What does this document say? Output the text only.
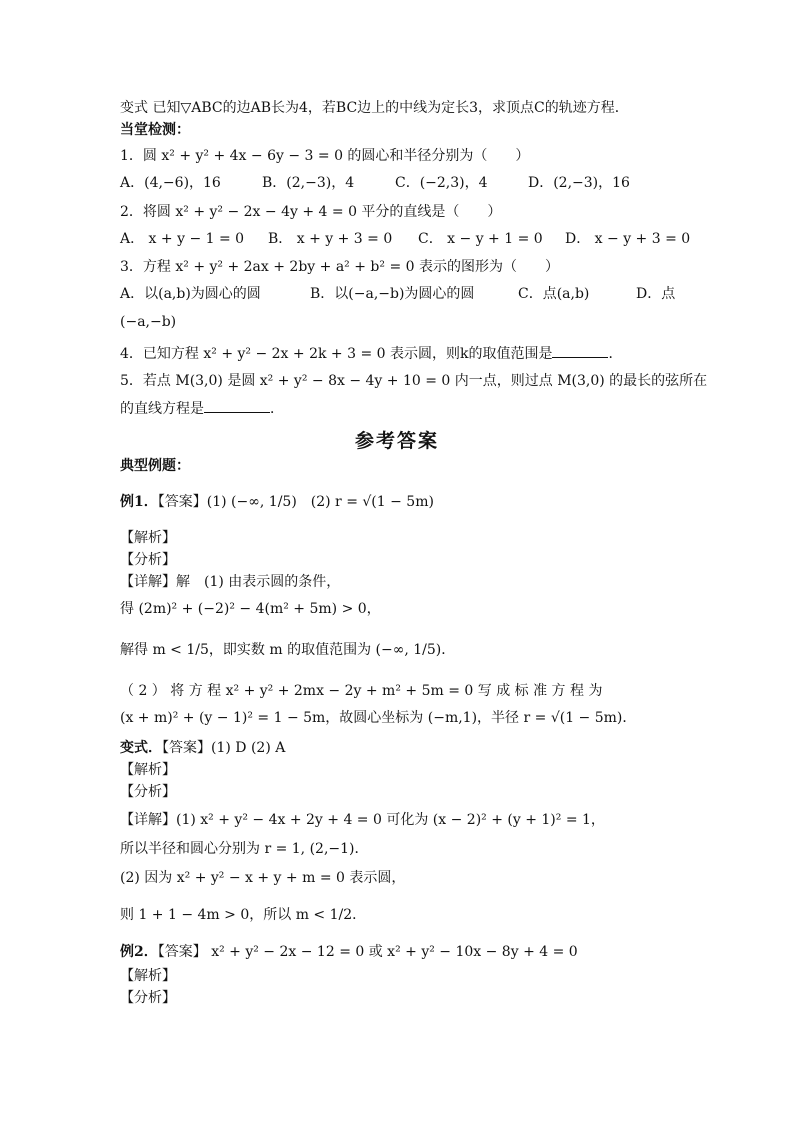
变式 已知▽ABC的边AB长为4，若BC边上的中线为定长3，求顶点C的轨迹方程．
当堂检测：
1．圆 x² + y² + 4x − 6y − 3 = 0 的圆心和半径分别为（　　）
A．(4,−6)，16	B．(2,−3)，4	C．(−2,3)，4	D．(2,−3)，16
2．将圆 x² + y² − 2x − 4y + 4 = 0 平分的直线是（　　）
A． x + y − 1 = 0 B． x + y + 3 = 0 C． x − y + 1 = 0 D． x − y + 3 = 0
3．方程 x² + y² + 2ax + 2by + a² + b² = 0 表示的图形为（　　）
A．以(a,b)为圆心的圆	B．以(−a,−b)为圆心的圆	C．点(a,b)	D．点
(−a,−b)
4．已知方程 x² + y² − 2x + 2k + 3 = 0 表示圆，则k的取值范围是	．
5．若点 M(3,0) 是圆 x² + y² − 8x − 4y + 10 = 0 内一点，则过点 M(3,0) 的最长的弦所在
的直线方程是	．
参考答案
典型例题：
例1．【答案】(1) (−∞, 1/5)　(2) r = √(1 − 5m)
【解析】
【分析】
【详解】解　(1) 由表示圆的条件，
得 (2m)² + (−2)² − 4(m² + 5m) > 0，
解得 m < 1/5，即实数 m 的取值范围为 (−∞, 1/5)．
（ 2 ） 将 方 程 x² + y² + 2mx − 2y + m² + 5m = 0 写 成 标 准 方 程 为
(x + m)² + (y − 1)² = 1 − 5m，故圆心坐标为 (−m,1)，半径 r = √(1 − 5m)．
变式．【答案】(1) D (2) A
【解析】
【分析】
【详解】(1) x² + y² − 4x + 2y + 4 = 0 可化为 (x − 2)² + (y + 1)² = 1，
所以半径和圆心分别为 r = 1, (2,−1)．
(2) 因为 x² + y² − x + y + m = 0 表示圆，
则 1 + 1 − 4m > 0，所以 m < 1/2．
例2．【答案】 x² + y² − 2x − 12 = 0 或 x² + y² − 10x − 8y + 4 = 0
【解析】
【分析】
